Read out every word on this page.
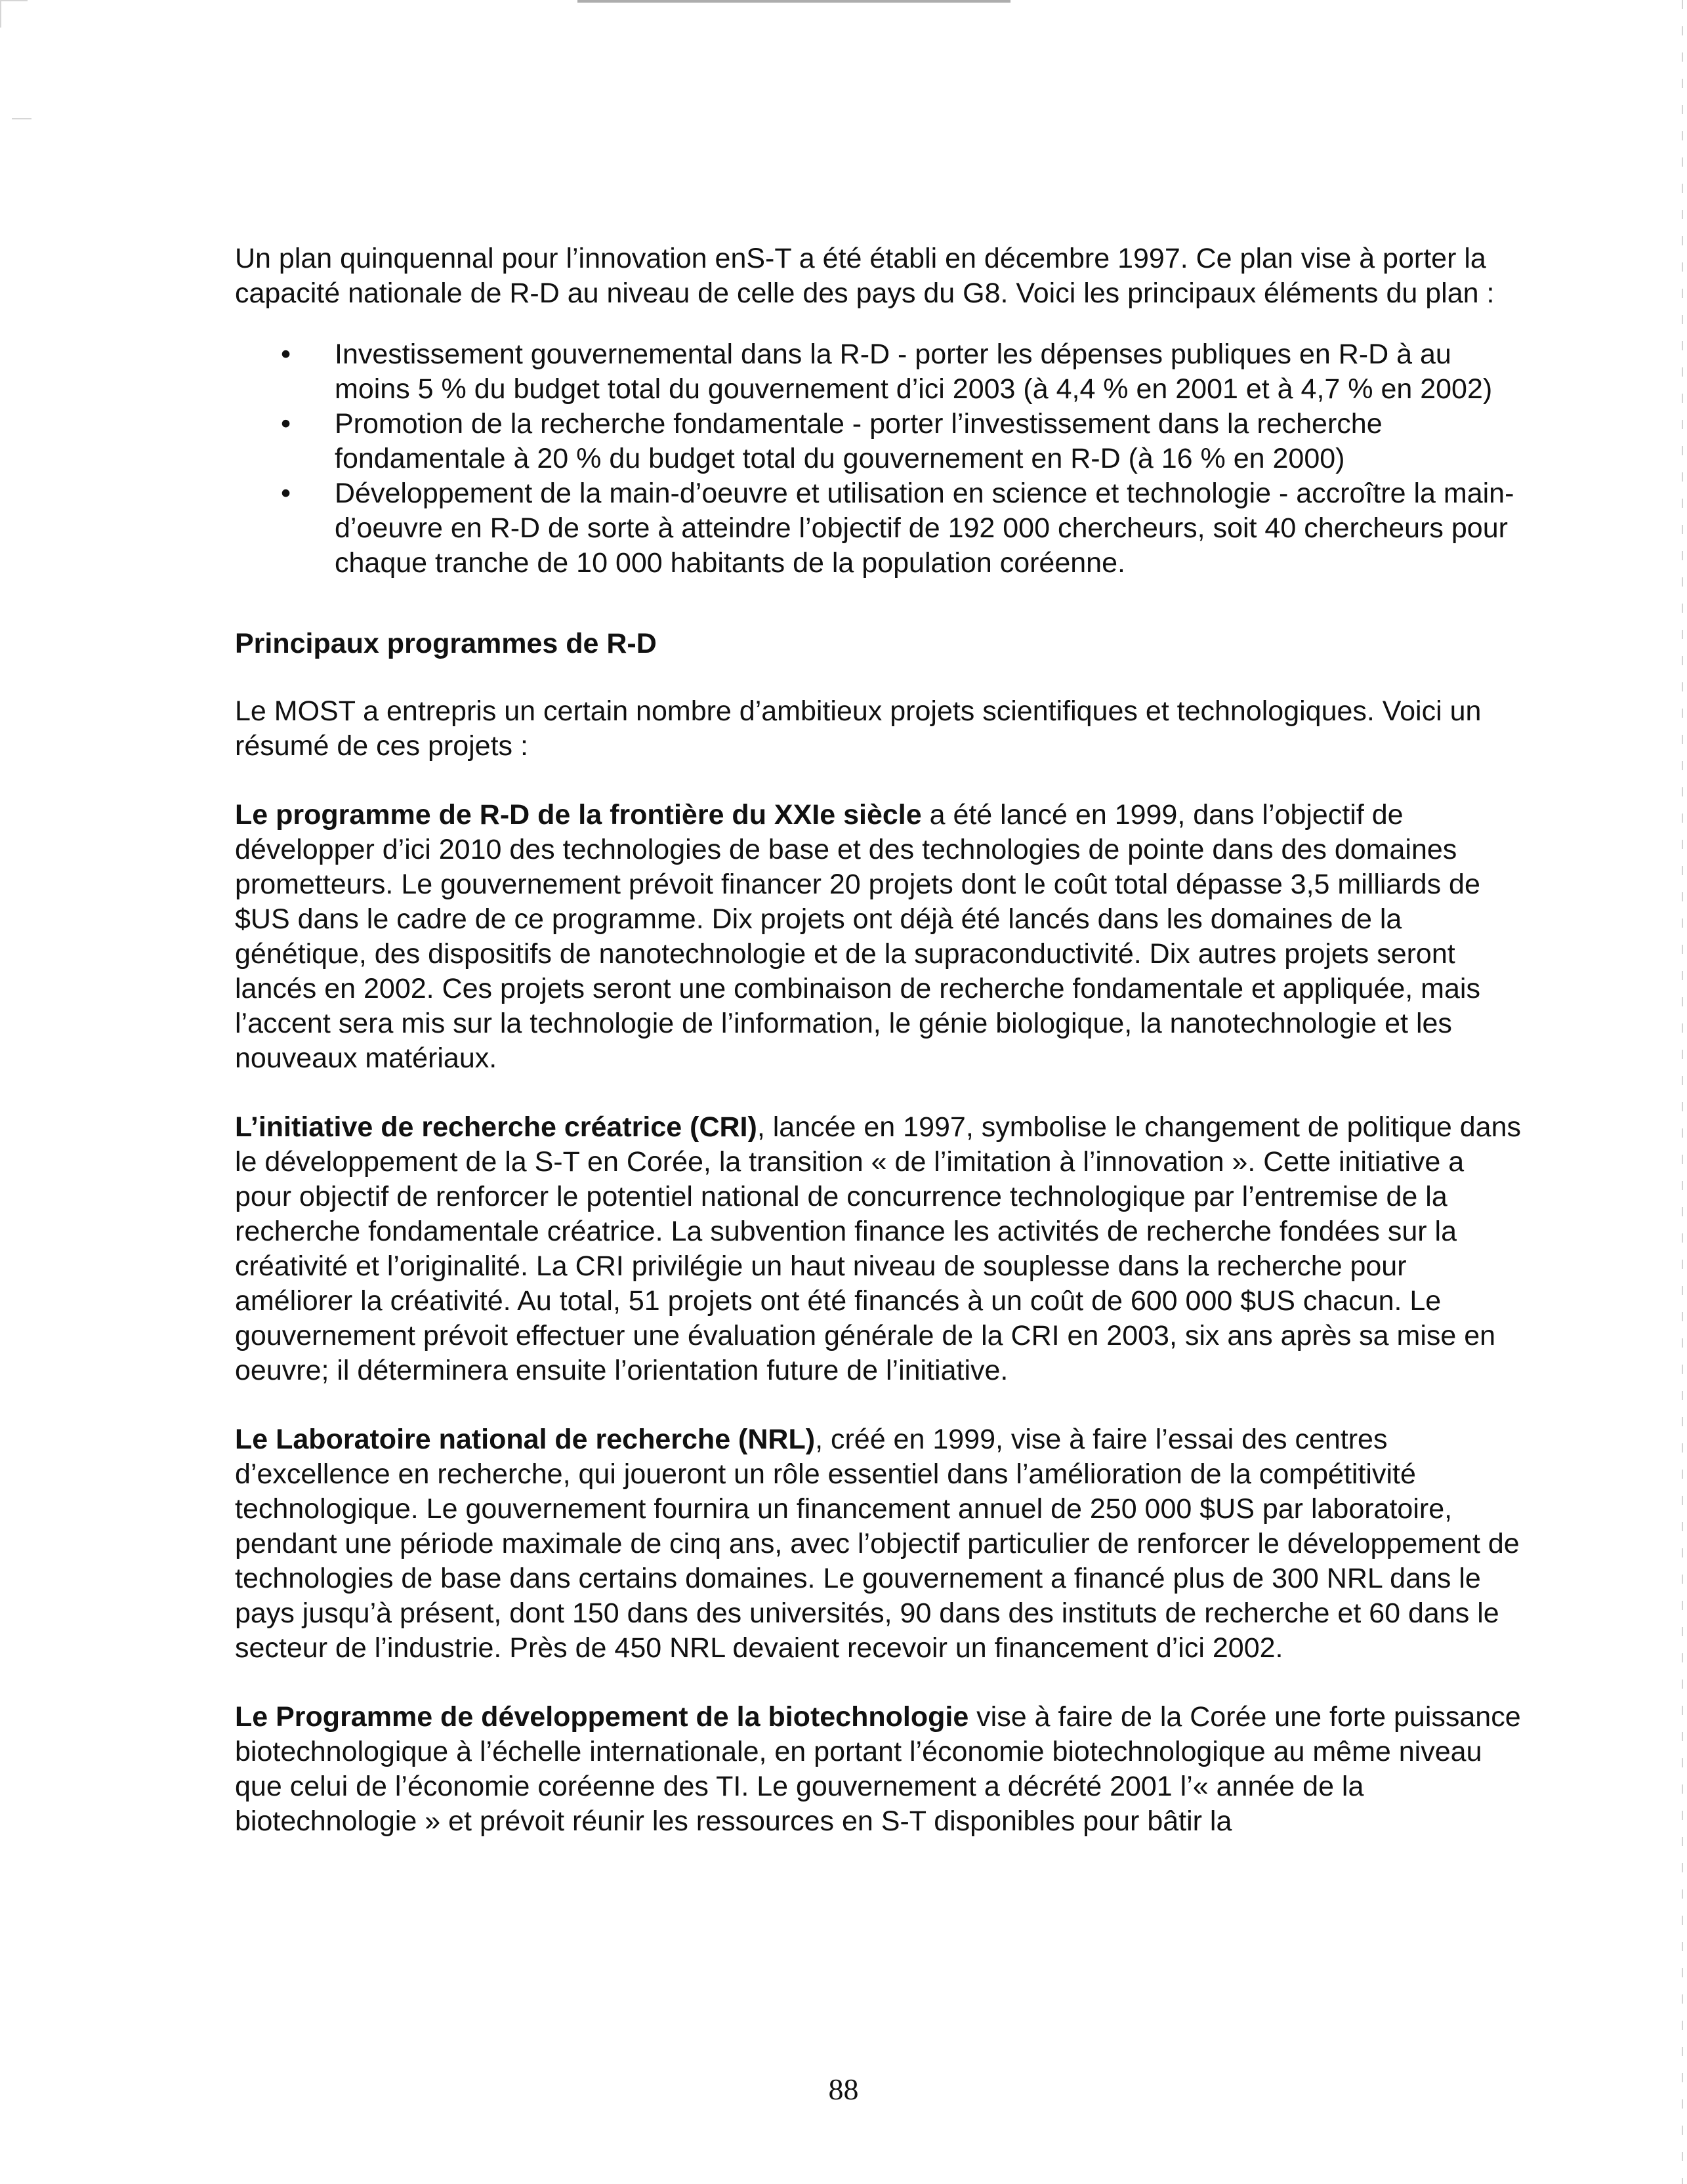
Un plan quinquennal pour l’innovation enS-T a été établi en décembre 1997. Ce plan vise à porter la capacité nationale de R-D au niveau de celle des pays du G8. Voici les principaux éléments du plan :

• Investissement gouvernemental dans la R-D - porter les dépenses publiques en R-D à au moins 5 % du budget total du gouvernement d’ici 2003 (à 4,4 % en 2001 et à 4,7 % en 2002)
• Promotion de la recherche fondamentale - porter l’investissement dans la recherche fondamentale à 20 % du budget total du gouvernement en R-D (à 16 % en 2000)
• Développement de la main-d’oeuvre et utilisation en science et technologie - accroître la main-d’oeuvre en R-D de sorte à atteindre l’objectif de 192 000 chercheurs, soit 40 chercheurs pour chaque tranche de 10 000 habitants de la population coréenne.

Principaux programmes de R-D

Le MOST a entrepris un certain nombre d’ambitieux projets scientifiques et technologiques. Voici un résumé de ces projets :

Le programme de R-D de la frontière du XXIe siècle a été lancé en 1999, dans l’objectif de développer d’ici 2010 des technologies de base et des technologies de pointe dans des domaines prometteurs. Le gouvernement prévoit financer 20 projets dont le coût total dépasse 3,5 milliards de $US dans le cadre de ce programme. Dix projets ont déjà été lancés dans les domaines de la génétique, des dispositifs de nanotechnologie et de la supraconductivité. Dix autres projets seront lancés en 2002. Ces projets seront une combinaison de recherche fondamentale et appliquée, mais l’accent sera mis sur la technologie de l’information, le génie biologique, la nanotechnologie et les nouveaux matériaux.

L’initiative de recherche créatrice (CRI), lancée en 1997, symbolise le changement de politique dans le développement de la S-T en Corée, la transition « de l’imitation à l’innovation ». Cette initiative a pour objectif de renforcer le potentiel national de concurrence technologique par l’entremise de la recherche fondamentale créatrice. La subvention finance les activités de recherche fondées sur la créativité et l’originalité. La CRI privilégie un haut niveau de souplesse dans la recherche pour améliorer la créativité. Au total, 51 projets ont été financés à un coût de 600 000 $US chacun. Le gouvernement prévoit effectuer une évaluation générale de la CRI en 2003, six ans après sa mise en oeuvre; il déterminera ensuite l’orientation future de l’initiative.

Le Laboratoire national de recherche (NRL), créé en 1999, vise à faire l’essai des centres d’excellence en recherche, qui joueront un rôle essentiel dans l’amélioration de la compétitivité technologique. Le gouvernement fournira un financement annuel de 250 000 $US par laboratoire, pendant une période maximale de cinq ans, avec l’objectif particulier de renforcer le développement de technologies de base dans certains domaines. Le gouvernement a financé plus de 300 NRL dans le pays jusqu’à présent, dont 150 dans des universités, 90 dans des instituts de recherche et 60 dans le secteur de l’industrie. Près de 450 NRL devaient recevoir un financement d’ici 2002.

Le Programme de développement de la biotechnologie vise à faire de la Corée une forte puissance biotechnologique à l’échelle internationale, en portant l’économie biotechnologique au même niveau que celui de l’économie coréenne des TI. Le gouvernement a décrété 2001 l’« année de la biotechnologie » et prévoit réunir les ressources en S-T disponibles pour bâtir la

88
